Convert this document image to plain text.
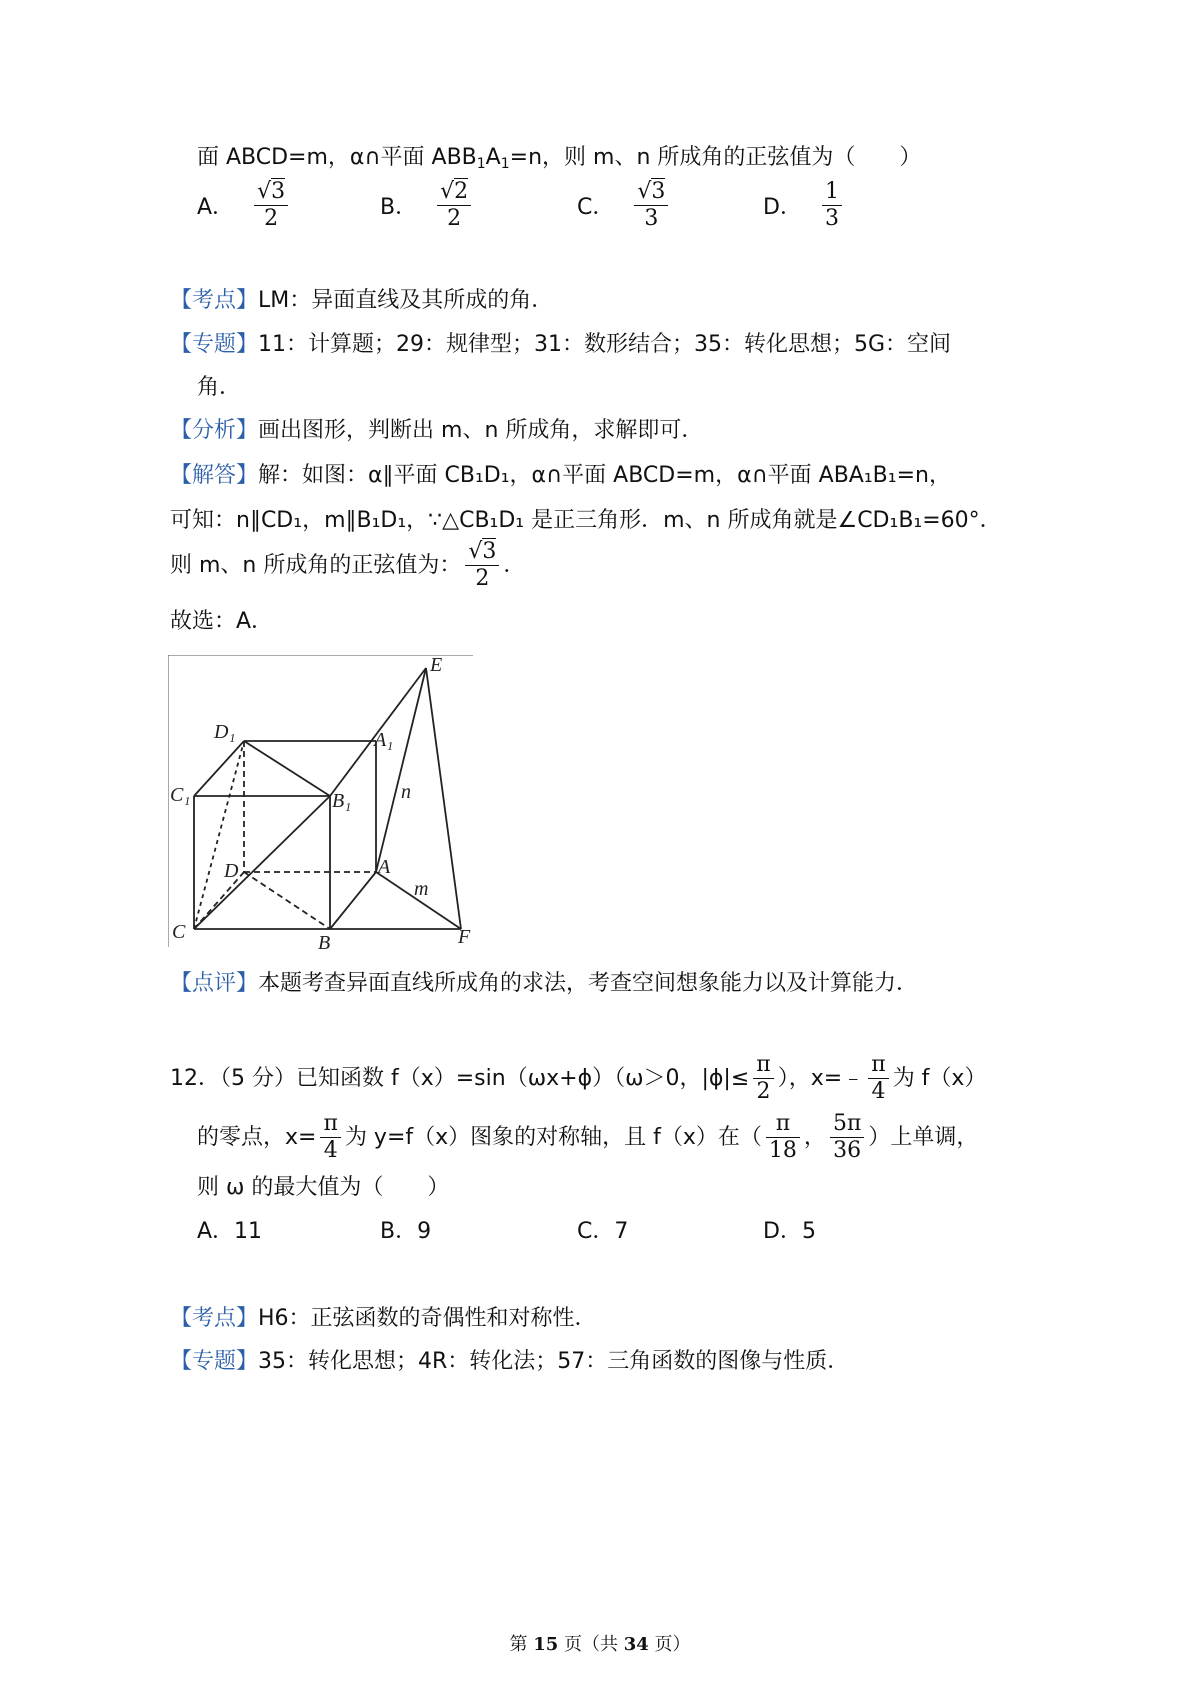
面 ABCD=m，α∩平面 $ABB_1A_1=n$，则 m、n 所成角的正弦值为（　　）
A． $\frac{√3}{2}$	B． $\frac{√2}{2}$	C． $\frac{√3}{3}$	D． $\frac{1}{3}$
【考点】LM：异面直线及其所成的角．
【专题】11：计算题；29：规律型；31：数形结合；35：转化思想；5G：空间
角．
【分析】画出图形，判断出 m、n 所成角，求解即可．
【解答】解：如图：α∥平面 CB₁D₁，α∩平面 ABCD=m，α∩平面 ABA₁B₁=n，
可知：n∥CD₁，m∥B₁D₁，∵△CB₁D₁ 是正三角形．m、n 所成角就是∠CD₁B₁=60°．
则 m、n 所成角的正弦值为： $\frac{√3}{2}$ ．
故选：A．
E
D₁	A₁
C₁	B₁ n
D	A
m
C	B	F
【点评】本题考查异面直线所成角的求法，考查空间想象能力以及计算能力．
12．（5 分）已知函数 f（x）=sin（ωx+ϕ）（ω＞0，$|\phi|\le \frac{\pi}{2}$ ），x=﹣ $\frac{\pi}{4}$ 为 f（x）
的零点，$x= \frac{\pi}{4}$ 为 y=f（x）图象的对称轴，且 f（x）在（ $\frac{\pi}{18}$ ， $\frac{5\pi}{36}$ ）上单调，
则 ω 的最大值为（　　）
A．11	B．9	C．7	D．5
【考点】H6：正弦函数的奇偶性和对称性．
【专题】35：转化思想；4R：转化法；57：三角函数的图像与性质．
第 15 页（共 34 页）
